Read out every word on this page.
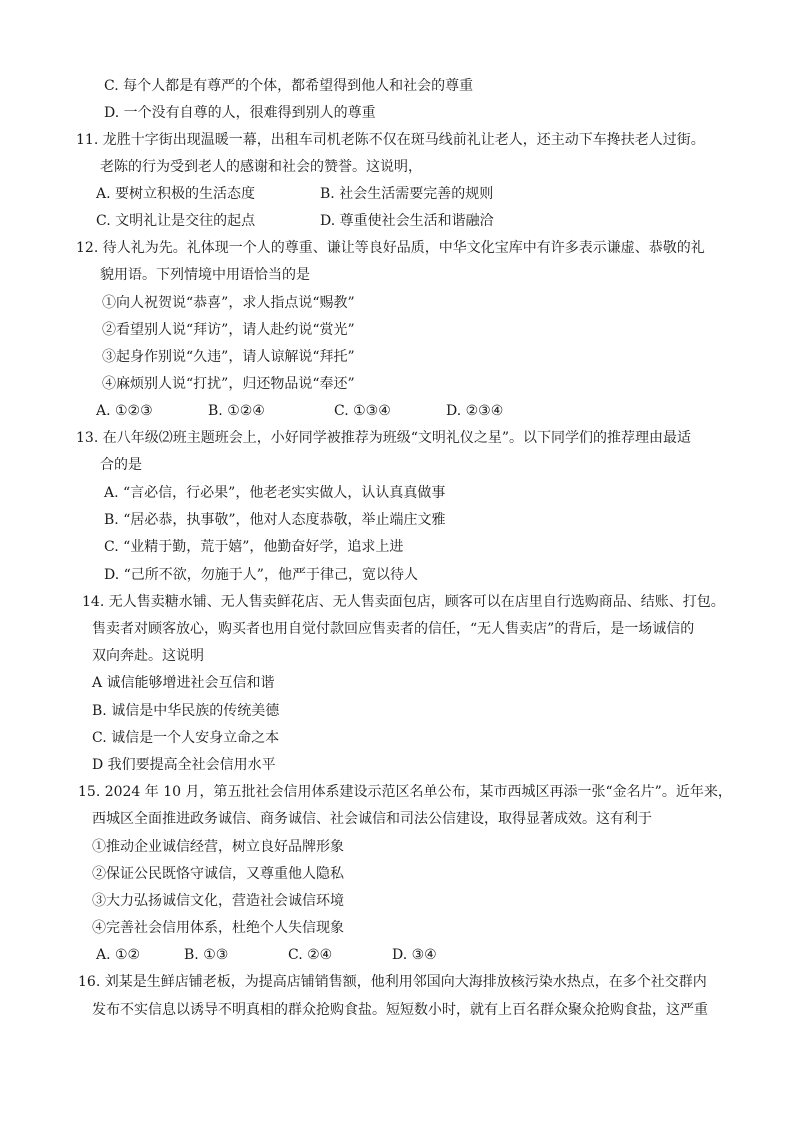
C. 每个人都是有尊严的个体，都希望得到他人和社会的尊重
D. 一个没有自尊的人，很难得到别人的尊重
11. 龙胜十字街出现温暖一幕，出租车司机老陈不仅在斑马线前礼让老人，还主动下车搀扶老人过街。
老陈的行为受到老人的感谢和社会的赞誉。这说明，
A. 要树立积极的生活态度	B. 社会生活需要完善的规则
C. 文明礼让是交往的起点	D. 尊重使社会生活和谐融洽
12. 待人礼为先。礼体现一个人的尊重、谦让等良好品质，中华文化宝库中有许多表示谦虚、恭敬的礼
貌用语。下列情境中用语恰当的是
①向人祝贺说“恭喜”，求人指点说“赐教”
②看望别人说“拜访”，请人赴约说“赏光”
③起身作别说“久违”，请人谅解说“拜托”
④麻烦别人说“打扰”，归还物品说“奉还”
A. ①②③	B. ①②④	C. ①③④	D. ②③④
13. 在八年级⑵班主题班会上，小好同学被推荐为班级“文明礼仪之星”。以下同学们的推荐理由最适
合的是
A. “言必信，行必果”，他老老实实做人，认认真真做事
B. “居必恭，执事敬”，他对人态度恭敬，举止端庄文雅
C. “业精于勤，荒于嬉”，他勤奋好学，追求上进
D. “己所不欲，勿施于人”，他严于律己，宽以待人
14. 无人售卖糖水铺、无人售卖鲜花店、无人售卖面包店，顾客可以在店里自行选购商品、结账、打包。
售卖者对顾客放心，购买者也用自觉付款回应售卖者的信任，“无人售卖店”的背后，是一场诚信的
双向奔赴。这说明
A 诚信能够增进社会互信和谐
B. 诚信是中华民族的传统美德
C. 诚信是一个人安身立命之本
D 我们要提高全社会信用水平
15. 2024 年 10 月，第五批社会信用体系建设示范区名单公布，某市西城区再添一张“金名片”。近年来，
西城区全面推进政务诚信、商务诚信、社会诚信和司法公信建设，取得显著成效。这有利于
①推动企业诚信经营，树立良好品牌形象
②保证公民既恪守诚信，又尊重他人隐私
③大力弘扬诚信文化，营造社会诚信环境
④完善社会信用体系，杜绝个人失信现象
A. ①②	B. ①③	C. ②④	D. ③④
16. 刘某是生鲜店铺老板，为提高店铺销售额，他利用邻国向大海排放核污染水热点，在多个社交群内
发布不实信息以诱导不明真相的群众抢购食盐。短短数小时，就有上百名群众聚众抢购食盐，这严重
